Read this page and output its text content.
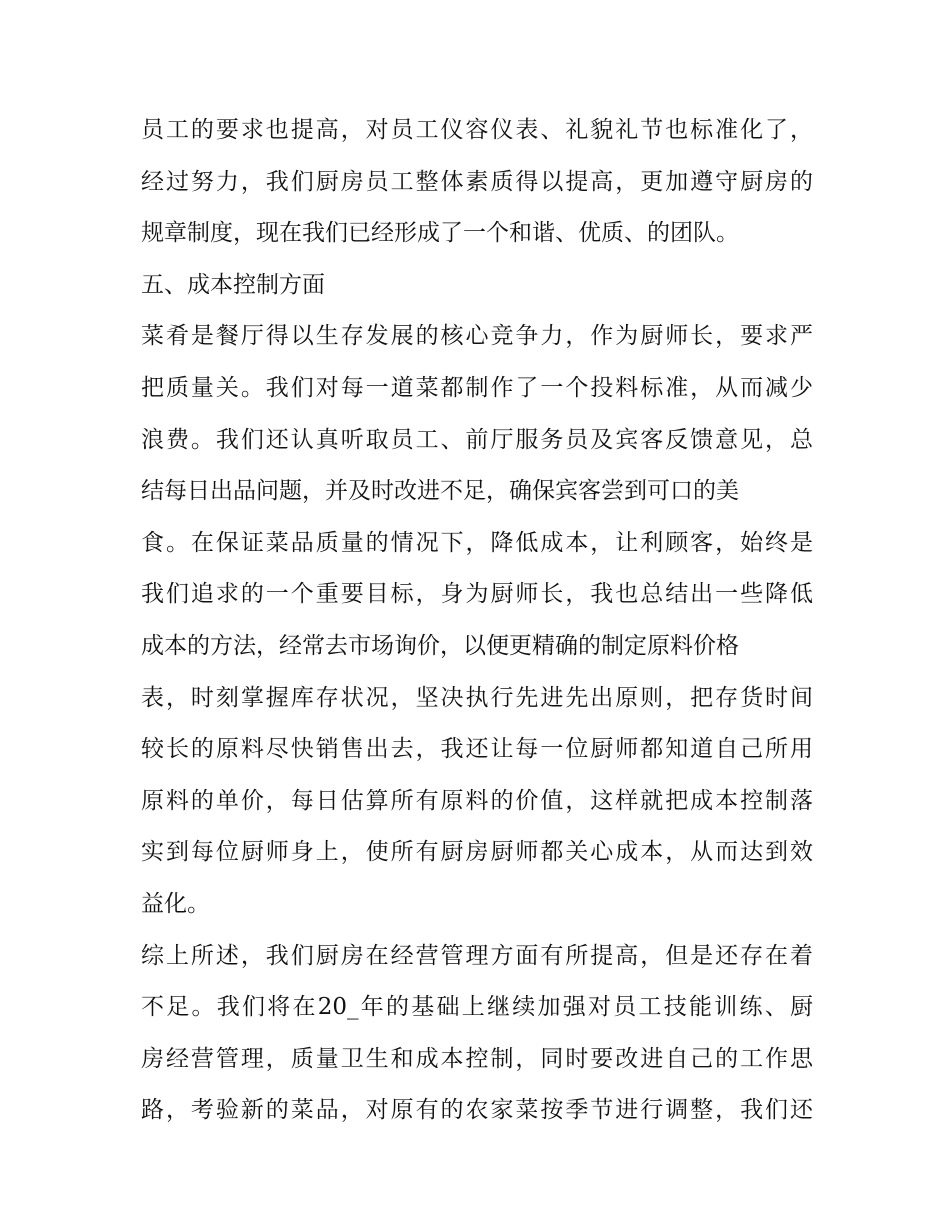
员工的要求也提高，对员工仪容仪表、礼貌礼节也标准化了，
经过努力，我们厨房员工整体素质得以提高，更加遵守厨房的
规章制度，现在我们已经形成了一个和谐、优质、的团队。
五、成本控制方面
菜肴是餐厅得以生存发展的核心竞争力，作为厨师长，要求严
把质量关。我们对每一道菜都制作了一个投料标准，从而减少
浪费。我们还认真听取员工、前厅服务员及宾客反馈意见，总
结每日出品问题，并及时改进不足，确保宾客尝到可口的美
食。在保证菜品质量的情况下，降低成本，让利顾客，始终是
我们追求的一个重要目标，身为厨师长，我也总结出一些降低
成本的方法，经常去市场询价，以便更精确的制定原料价格
表，时刻掌握库存状况，坚决执行先进先出原则，把存货时间
较长的原料尽快销售出去，我还让每一位厨师都知道自己所用
原料的单价，每日估算所有原料的价值，这样就把成本控制落
实到每位厨师身上，使所有厨房厨师都关心成本，从而达到效
益化。
综上所述，我们厨房在经营管理方面有所提高，但是还存在着
不足。我们将在20_年的基础上继续加强对员工技能训练、厨
房经营管理，质量卫生和成本控制，同时要改进自己的工作思
路，考验新的菜品，对原有的农家菜按季节进行调整，我们还
